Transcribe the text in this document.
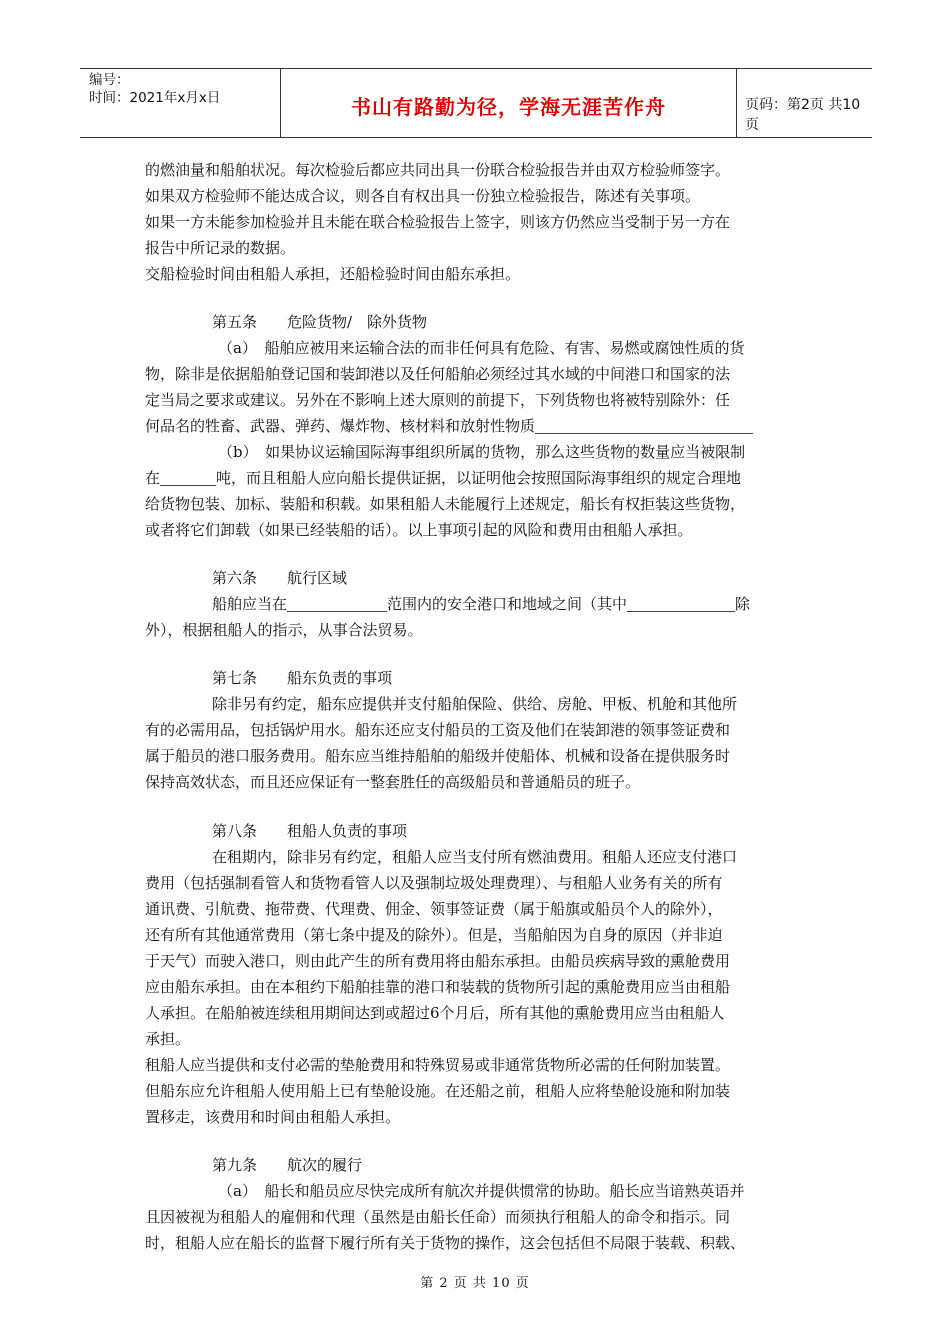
编号：
时间：2021年x月x日	书山有路勤为径，学海无涯苦作舟	页码：第2页 共10页
的燃油量和船舶状况。每次检验后都应共同出具一份联合检验报告并由双方检验师签字。
如果双方检验师不能达成合议，则各自有权出具一份独立检验报告，陈述有关事项。
如果一方未能参加检验并且未能在联合检验报告上签字，则该方仍然应当受制于另一方在
报告中所记录的数据。
交船检验时间由租船人承担，还船检验时间由船东承担。
第五条　　危险货物/　除外货物
（a）　船舶应被用来运输合法的而非任何具有危险、有害、易燃或腐蚀性质的货
物，除非是依据船舶登记国和装卸港以及任何船舶必须经过其水域的中间港口和国家的法
定当局之要求或建议。另外在不影响上述大原则的前提下，下列货物也将被特别除外：任
何品名的牲畜、武器、弹药、爆炸物、核材料和放射性物质
（b）　如果协议运输国际海事组织所属的货物，那么这些货物的数量应当被限制
在	吨，而且租船人应向船长提供证据，以证明他会按照国际海事组织的规定合理地
给货物包装、加标、装船和积载。如果租船人未能履行上述规定，船长有权拒装这些货物，
或者将它们卸载（如果已经装船的话）。以上事项引起的风险和费用由租船人承担。
第六条　　航行区域
船舶应当在	范围内的安全港口和地域之间（其中	除
外），根据租船人的指示，从事合法贸易。
第七条　　船东负责的事项
除非另有约定，船东应提供并支付船舶保险、供给、房舱、甲板、机舱和其他所
有的必需用品，包括锅炉用水。船东还应支付船员的工资及他们在装卸港的领事签证费和
属于船员的港口服务费用。船东应当维持船舶的船级并使船体、机械和设备在提供服务时
保持高效状态，而且还应保证有一整套胜任的高级船员和普通船员的班子。
第八条　　租船人负责的事项
在租期内，除非另有约定，租船人应当支付所有燃油费用。租船人还应支付港口
费用（包括强制看管人和货物看管人以及强制垃圾处理费理）、与租船人业务有关的所有
通讯费、引航费、拖带费、代理费、佣金、领事签证费（属于船旗或船员个人的除外），
还有所有其他通常费用（第七条中提及的除外）。但是，当船舶因为自身的原因（并非迫
于天气）而驶入港口，则由此产生的所有费用将由船东承担。由船员疾病导致的熏舱费用
应由船东承担。由在本租约下船舶挂靠的港口和装载的货物所引起的熏舱费用应当由租船
人承担。在船舶被连续租用期间达到或超过6个月后，所有其他的熏舱费用应当由租船人
承担。
租船人应当提供和支付必需的垫舱费用和特殊贸易或非通常货物所必需的任何附加装置。
但船东应允许租船人使用船上已有垫舱设施。在还船之前，租船人应将垫舱设施和附加装
置移走，该费用和时间由租船人承担。
第九条　　航次的履行
（a）　船长和船员应尽快完成所有航次并提供惯常的协助。船长应当谙熟英语并
且因被视为租船人的雇佣和代理（虽然是由船长任命）而须执行租船人的命令和指示。同
时，租船人应在船长的监督下履行所有关于货物的操作，这会包括但不局限于装载、积载、
第 2 页 共 10 页
